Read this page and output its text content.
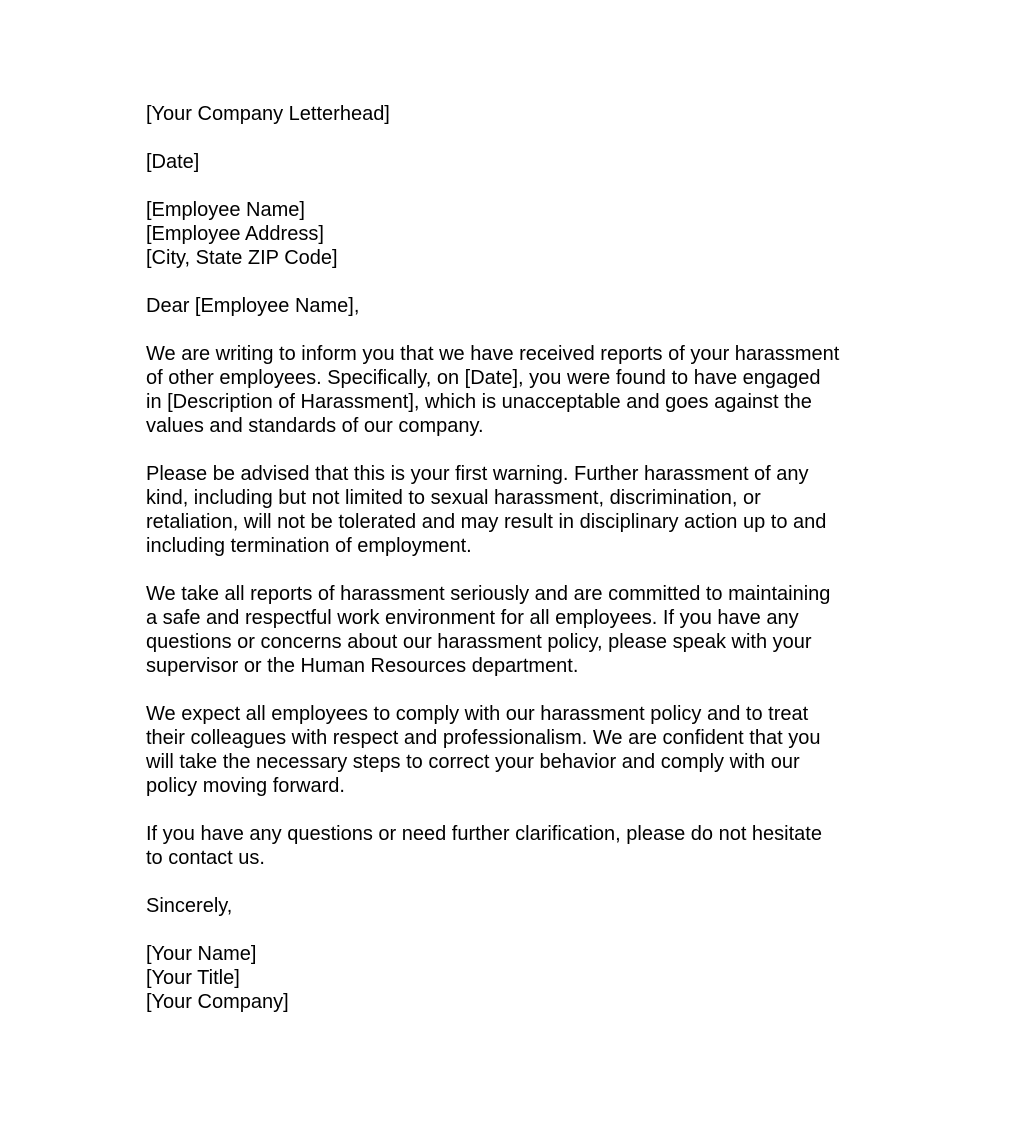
[Your Company Letterhead]
[Date]
[Employee Name]
[Employee Address]
[City, State ZIP Code]
Dear [Employee Name],
We are writing to inform you that we have received reports of your harassment
of other employees. Specifically, on [Date], you were found to have engaged
in [Description of Harassment], which is unacceptable and goes against the
values and standards of our company.
Please be advised that this is your first warning. Further harassment of any
kind, including but not limited to sexual harassment, discrimination, or
retaliation, will not be tolerated and may result in disciplinary action up to and
including termination of employment.
We take all reports of harassment seriously and are committed to maintaining
a safe and respectful work environment for all employees. If you have any
questions or concerns about our harassment policy, please speak with your
supervisor or the Human Resources department.
We expect all employees to comply with our harassment policy and to treat
their colleagues with respect and professionalism. We are confident that you
will take the necessary steps to correct your behavior and comply with our
policy moving forward.
If you have any questions or need further clarification, please do not hesitate
to contact us.
Sincerely,
[Your Name]
[Your Title]
[Your Company]
